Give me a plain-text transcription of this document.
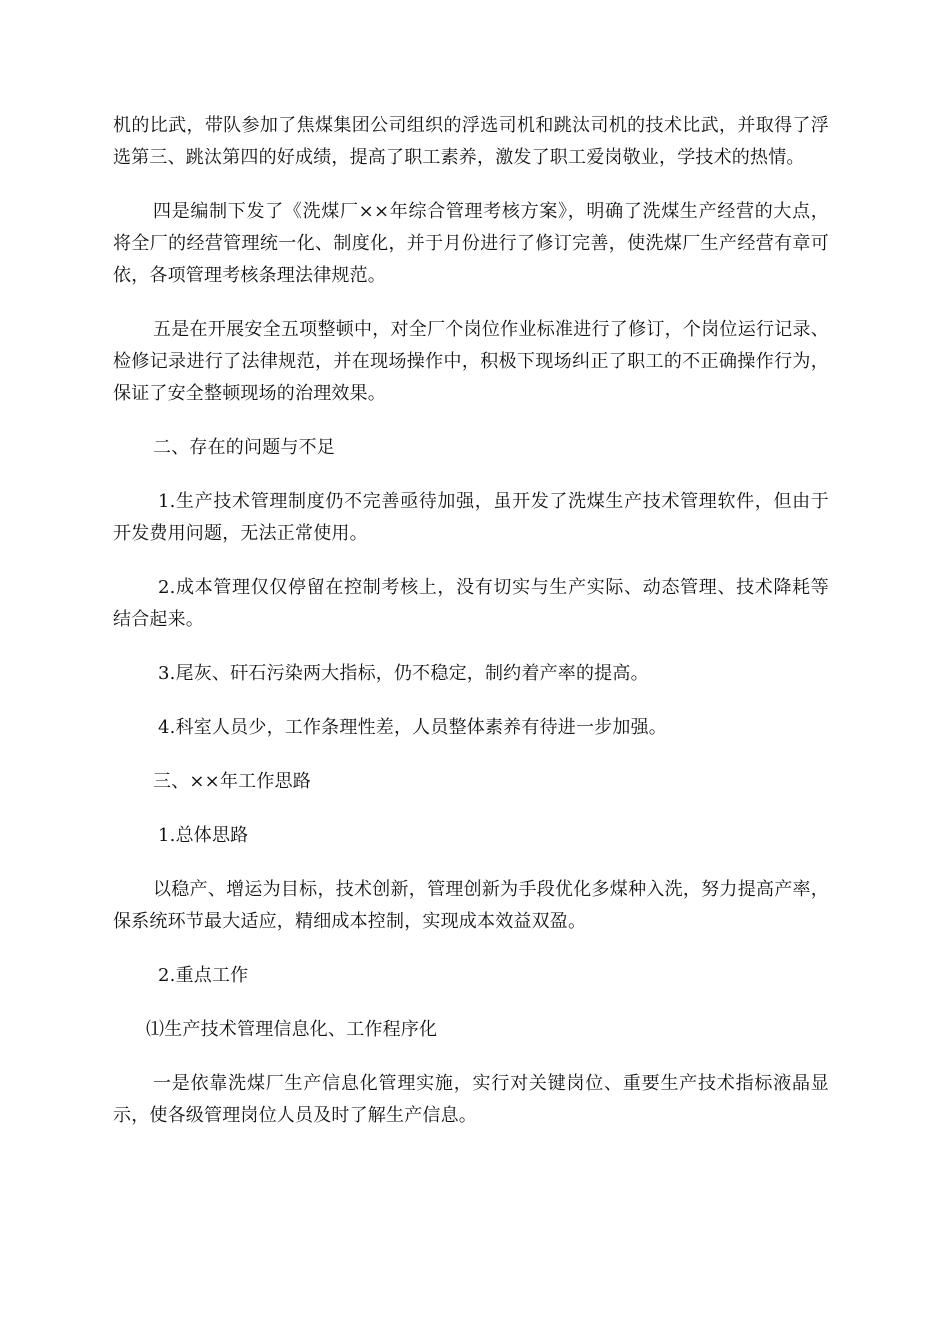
机的比武，带队参加了焦煤集团公司组织的浮选司机和跳汰司机的技术比武，并取得了浮选第三、跳汰第四的好成绩，提高了职工素养，激发了职工爱岗敬业，学技术的热情。

四是编制下发了《洗煤厂××年综合管理考核方案》，明确了洗煤生产经营的大点，将全厂的经营管理统一化、制度化，并于月份进行了修订完善，使洗煤厂生产经营有章可依，各项管理考核条理法律规范。

五是在开展安全五项整顿中，对全厂个岗位作业标准进行了修订，个岗位运行记录、检修记录进行了法律规范，并在现场操作中，积极下现场纠正了职工的不正确操作行为，保证了安全整顿现场的治理效果。

二、存在的问题与不足

1.生产技术管理制度仍不完善亟待加强，虽开发了洗煤生产技术管理软件，但由于开发费用问题，无法正常使用。

2.成本管理仅仅停留在控制考核上，没有切实与生产实际、动态管理、技术降耗等结合起来。

3.尾灰、矸石污染两大指标，仍不稳定，制约着产率的提高。

4.科室人员少，工作条理性差，人员整体素养有待进一步加强。

三、××年工作思路

1.总体思路

以稳产、增运为目标，技术创新，管理创新为手段优化多煤种入洗，努力提高产率，保系统环节最大适应，精细成本控制，实现成本效益双盈。

2.重点工作

⑴生产技术管理信息化、工作程序化

一是依靠洗煤厂生产信息化管理实施，实行对关键岗位、重要生产技术指标液晶显示，使各级管理岗位人员及时了解生产信息。
